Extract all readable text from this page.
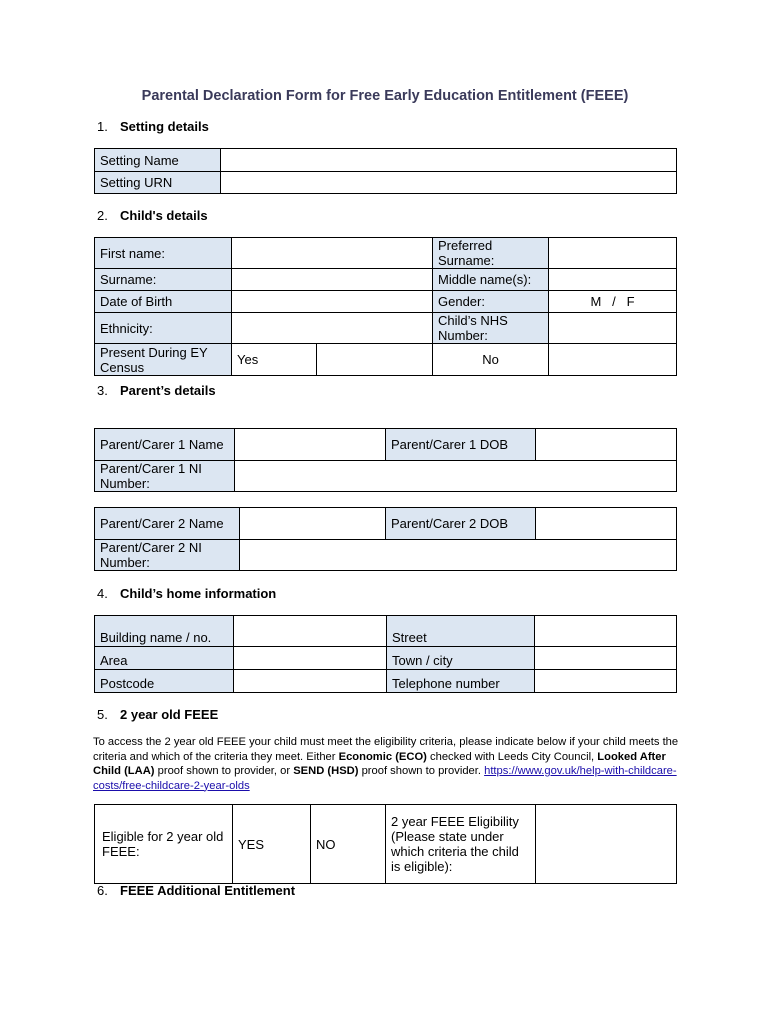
Parental Declaration Form for Free Early Education Entitlement (FEEE)
1. Setting details
Setting Name	
Setting URN	
2. Child's details
First name:			Preferred Surname:	
Surname:			Middle name(s):	
Date of Birth			Gender:	M   /   F
Ethnicity:			Child’s NHS Number:	
Present During EY Census	Yes		No	
3. Parent’s details
Parent/Carer 1 Name		Parent/Carer 1 DOB	
Parent/Carer 1 NI Number:			
Parent/Carer 2 Name		Parent/Carer 2 DOB	
Parent/Carer 2 NI Number:			
4. Child’s home information
Building name / no.		Street	
Area		Town / city	
Postcode		Telephone number	
5. 2 year old FEEE
To access the 2 year old FEEE your child must meet the eligibility criteria, please indicate below if your child meets the criteria and which of the criteria they meet. Either Economic (ECO) checked with Leeds City Council, Looked After Child (LAA) proof shown to provider, or SEND (HSD) proof shown to provider. https://www.gov.uk/help-with-childcare-costs/free-childcare-2-year-olds
Eligible for 2 year old FEEE:	YES	NO	2 year FEEE Eligibility (Please state under which criteria the child is eligible):	
6. FEEE Additional Entitlement
